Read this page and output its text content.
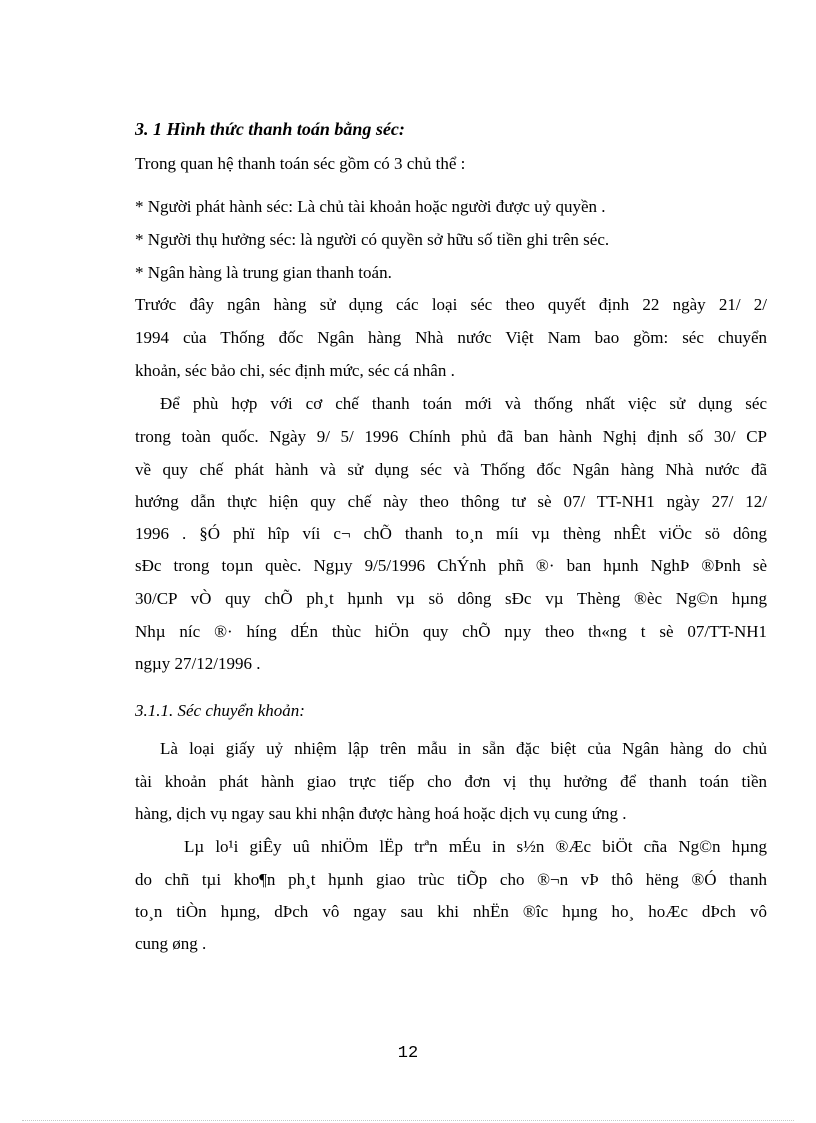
3. 1 Hình thức thanh toán bằng séc:
Trong quan hệ thanh toán séc gồm có 3 chủ thể :
* Người phát hành séc: Là chủ tài khoản hoặc người được uỷ quyền .
* Người thụ hưởng séc: là người có quyền sở hữu số tiền ghi trên séc.
* Ngân hàng là trung gian thanh toán.
Trước đây ngân hàng sử dụng các loại séc theo quyết định 22 ngày 21/ 2/
1994 của Thống đốc Ngân hàng Nhà nước Việt Nam bao gồm: séc chuyển
khoản, séc bảo chi, séc định mức, séc cá nhân .
Để phù hợp với cơ chế thanh toán mới và thống nhất việc sử dụng séc
trong toàn quốc. Ngày 9/ 5/ 1996 Chính phủ đã ban hành Nghị định số 30/ CP
về quy chế phát hành và sử dụng séc và Thống đốc Ngân hàng Nhà nước đã
hướng dẫn thực hiện quy chế này theo thông tư sè 07/ TT-NH1 ngày 27/ 12/
1996 . §Ó phï hîp víi c¬ chÕ thanh to¸n míi vµ thèng nhÊt viÖc sö dông
sÐc trong toµn quèc. Ngµy 9/5/1996 ChÝnh phñ ®· ban hµnh NghÞ ®Þnh sè
30/CP vÒ quy chÕ ph¸t hµnh vµ sö dông sÐc vµ Thèng ®èc Ng©n hµng
Nhµ níc ®· híng dÉn thùc hiÖn quy chÕ nµy theo th«ng t sè 07/TT-NH1
ngµy 27/12/1996 .
3.1.1. Séc chuyển khoản:
Là loại giấy uỷ nhiệm lập trên mẫu in sẵn đặc biệt của Ngân hàng do chủ
tài khoản phát hành giao trực tiếp cho đơn vị thụ hưởng để thanh toán tiền
hàng, dịch vụ ngay sau khi nhận được hàng hoá hoặc dịch vụ cung ứng .
Lµ lo¹i giÊy uû nhiÖm lËp trªn mÉu in s½n ®Æc biÖt cña Ng©n hµng
do chñ tµi kho¶n ph¸t hµnh giao trùc tiÕp cho ®¬n vÞ thô hëng ®Ó thanh
to¸n tiÒn hµng, dÞch vô ngay sau khi nhËn ®îc hµng ho¸ hoÆc dÞch vô
cung øng .
12
